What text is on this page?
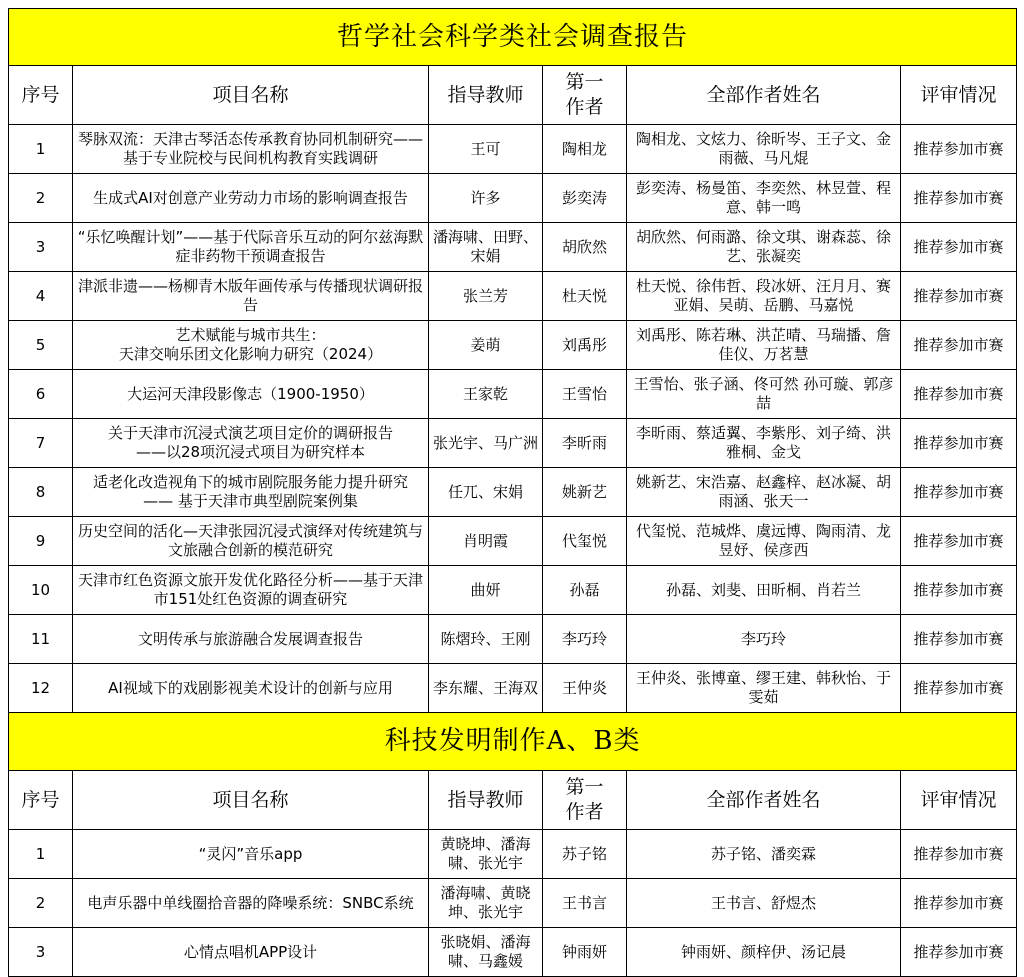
哲学社会科学类社会调查报告					
序号	项目名称	指导教师	第一作者	全部作者姓名	评审情况
1	琴脉双流：天津古琴活态传承教育协同机制研究——基于专业院校与民间机构教育实践调研	王可	陶相龙	陶相龙、文炫力、徐昕岑、王子文、金雨薇、马凡焜	推荐参加市赛
2	生成式AI对创意产业劳动力市场的影响调查报告	许多	彭奕涛	彭奕涛、杨曼笛、李奕然、林昱萱、程意、韩一鸣	推荐参加市赛
3	“乐忆唤醒计划”——基于代际音乐互动的阿尔兹海默症非药物干预调查报告	潘海啸、田野、宋娟	胡欣然	胡欣然、何雨潞、徐文琪、谢森蕊、徐艺、张凝奕	推荐参加市赛
4	津派非遗——杨柳青木版年画传承与传播现状调研报告	张兰芳	杜天悦	杜天悦、徐伟哲、段冰妍、汪月月、赛亚娟、吴萌、岳鹏、马嘉悦	推荐参加市赛
5	艺术赋能与城市共生：
天津交响乐团文化影响力研究（2024）	姜萌	刘禹彤	刘禹彤、陈若琳、洪芷晴、马瑞播、詹佳仪、万茗慧	推荐参加市赛
6	大运河天津段影像志（1900-1950）	王家乾	王雪怡	王雪怡、张子涵、佟可然 孙可璇、郭彦喆	推荐参加市赛
7	关于天津市沉浸式演艺项目定价的调研报告
——以28项沉浸式项目为研究样本	张光宇、马广洲	李昕雨	李昕雨、蔡适翼、李紫彤、刘子绮、洪雅桐、金戈	推荐参加市赛
8	适老化改造视角下的城市剧院服务能力提升研究 —— 基于天津市典型剧院案例集	任兀、宋娟	姚新艺	姚新艺、宋浩嘉、赵鑫梓、赵冰凝、胡雨涵、张天一	推荐参加市赛
9	历史空间的活化—天津张园沉浸式演绎对传统建筑与文旅融合创新的模范研究	肖明霞	代玺悦	代玺悦、范城烨、虞远博、陶雨清、龙昱妤、侯彦西	推荐参加市赛
10	天津市红色资源文旅开发优化路径分析——基于天津市151处红色资源的调查研究	曲妍	孙磊	孙磊、刘斐、田昕桐、肖若兰	推荐参加市赛
11	文明传承与旅游融合发展调查报告	陈熠玲、王刚	李巧玲	李巧玲	推荐参加市赛
12	AI视域下的戏剧影视美术设计的创新与应用	李东耀、王海双	王仲炎	王仲炎、张博童、缪王建、韩秋怡、于雯茹	推荐参加市赛
科技发明制作A、B类					
序号	项目名称	指导教师	第一作者	全部作者姓名	评审情况
1	“灵闪”音乐app	黄晓坤、潘海啸、张光宇	苏子铭	苏子铭、潘奕霖	推荐参加市赛
2	电声乐器中单线圈拾音器的降噪系统：SNBC系统	潘海啸、黄晓坤、张光宇	王书言	王书言、舒煜杰	推荐参加市赛
3	心情点唱机APP设计	张晓娟、潘海啸、马鑫媛	钟雨妍	钟雨妍、颜梓伊、汤记晨	推荐参加市赛
